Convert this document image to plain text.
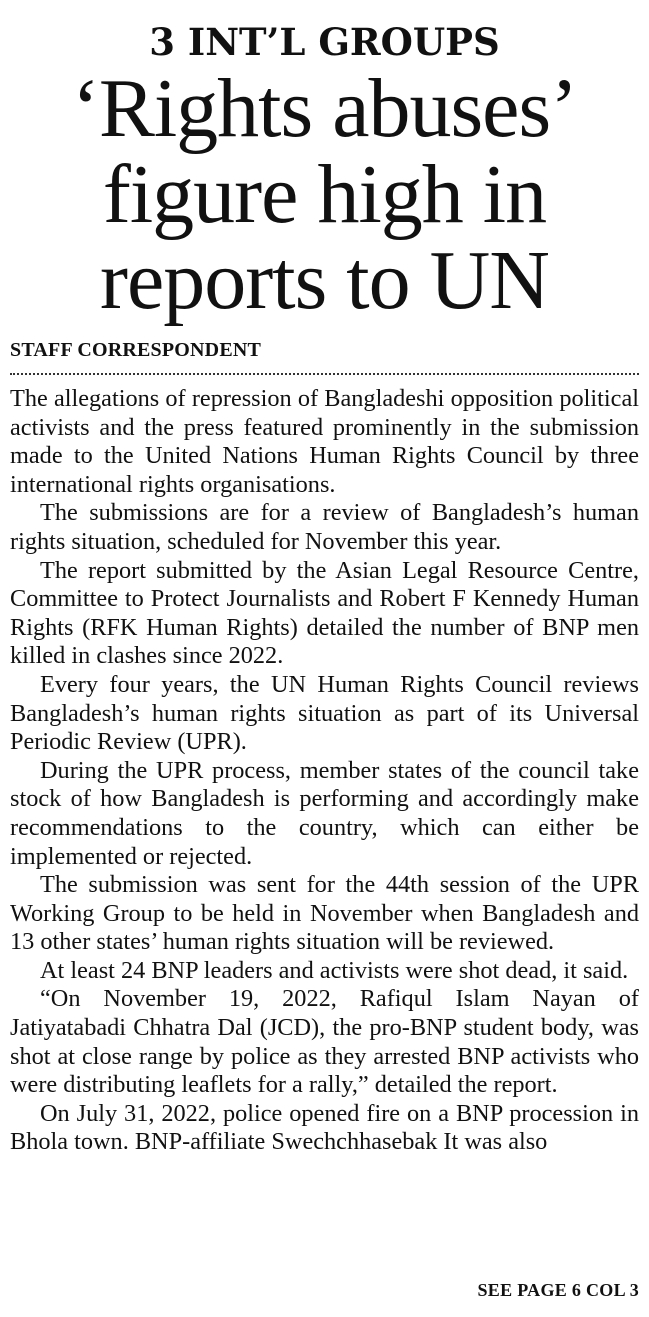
3 INT’L GROUPS
‘Rights abuses’
figure high in
reports to UN
STAFF CORRESPONDENT

The allegations of repression of Bangladeshi opposition political activists and the press featured prominently in the submission made to the United Nations Human Rights Council by three international rights organisations.

The submissions are for a review of Bangladesh’s human rights situation, scheduled for November this year.

The report submitted by the Asian Legal Resource Centre, Committee to Protect Journalists and Robert F Kennedy Human Rights (RFK Human Rights) detailed the number of BNP men killed in clashes since 2022.

Every four years, the UN Human Rights Council reviews Bangladesh’s human rights situation as part of its Universal Periodic Review (UPR).

During the UPR process, member states of the council take stock of how Bangladesh is performing and accordingly make recommendations to the country, which can either be implemented or rejected.

The submission was sent for the 44th session of the UPR Working Group to be held in November when Bangladesh and 13 other states’ human rights situation will be reviewed.

At least 24 BNP leaders and activists were shot dead, it said.

“On November 19, 2022, Rafiqul Islam Nayan of Jatiyatabadi Chhatra Dal (JCD), the pro-BNP student body, was shot at close range by police as they arrested BNP activists who were distributing leaflets for a rally,” detailed the report.

On July 31, 2022, police opened fire on a BNP procession in Bhola town. BNP-affiliate Swechchhasebak It was also

SEE PAGE 6 COL 3
